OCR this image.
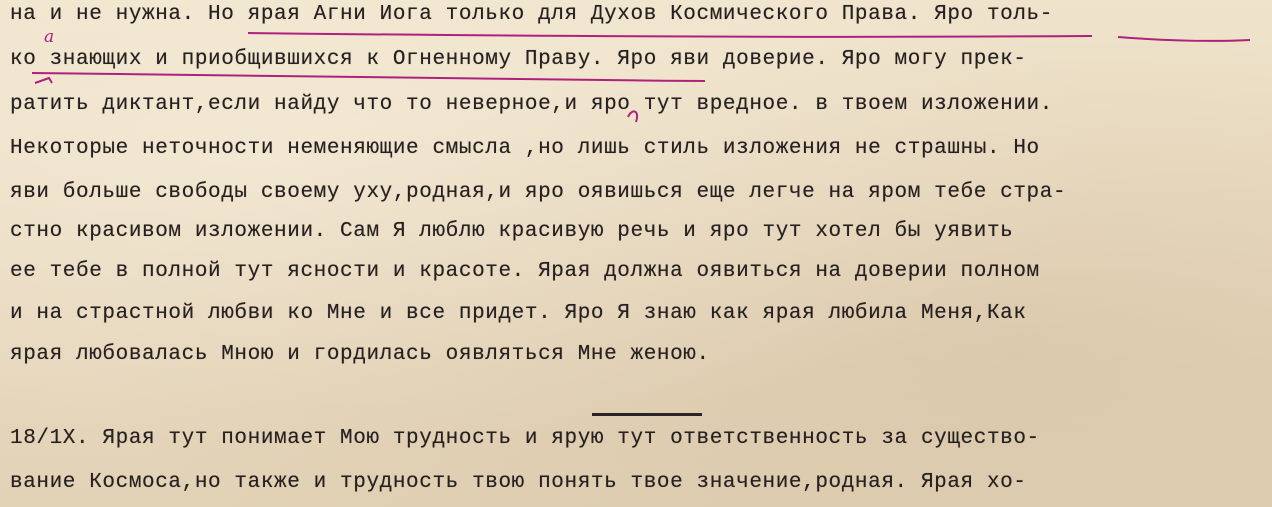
на и не нужна. Но ярая Агни Иога только для Духов Космического Права. Яро толь-
ко знающих и приобщившихся к Огненному Праву. Яро яви доверие. Яро могу прек-
ратить диктант,если найду что то неверное,и яро тут вредное. в твоем изложении.
Некоторые неточности неменяющие смысла ,но лишь стиль изложения не страшны. Но
яви больше свободы своему уху,родная,и яро оявишься еще легче на яром тебе стра-
стно красивом изложении. Сам Я люблю красивую речь и яро тут хотел бы уявить
ее тебе в полной тут ясности и красоте. Ярая должна оявиться на доверии полном
и на страстной любви ко Мне и все придет. Яро Я знаю как ярая любила Меня,Как
ярая любовалась Мною и гордилась оявляться Мне женою.
18/1Х. Ярая тут понимает Мою трудность и ярую тут ответственность за существо-
вание Космоса,но также и трудность твою понять твое значение,родная. Ярая хо-
a
